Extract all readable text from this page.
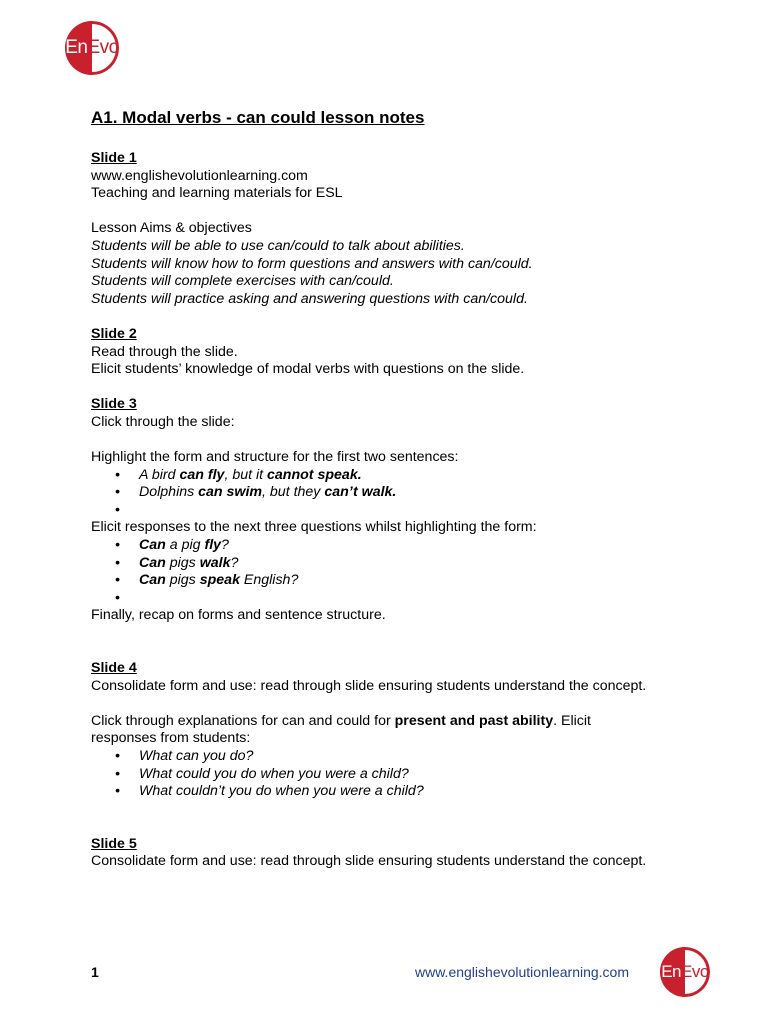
En Evo
A1. Modal verbs - can could lesson notes

Slide 1

www.englishevolutionlearning.com

Teaching and learning materials for ESL

Lesson Aims & objectives

Students will be able to use can/could to talk about abilities.

Students will know how to form questions and answers with can/could.

Students will complete exercises with can/could.

Students will practice asking and answering questions with can/could.

Slide 2

Read through the slide.

Elicit students’ knowledge of modal verbs with questions on the slide.

Slide 3

Click through the slide:

Highlight the form and structure for the first two sentences:

• A bird can fly, but it cannot speak.
• Dolphins can swim, but they can’t walk.
•

Elicit responses to the next three questions whilst highlighting the form:

• Can a pig fly?
• Can pigs walk?
• Can pigs speak English?
•

Finally, recap on forms and sentence structure.

Slide 4

Consolidate form and use: read through slide ensuring students understand the concept.

Click through explanations for can and could for present and past ability. Elicit responses from students:

• What can you do?
• What could you do when you were a child?
• What couldn’t you do when you were a child?

Slide 5

Consolidate form and use: read through slide ensuring students understand the concept.

1	www.englishevolutionlearning.com En Evo
